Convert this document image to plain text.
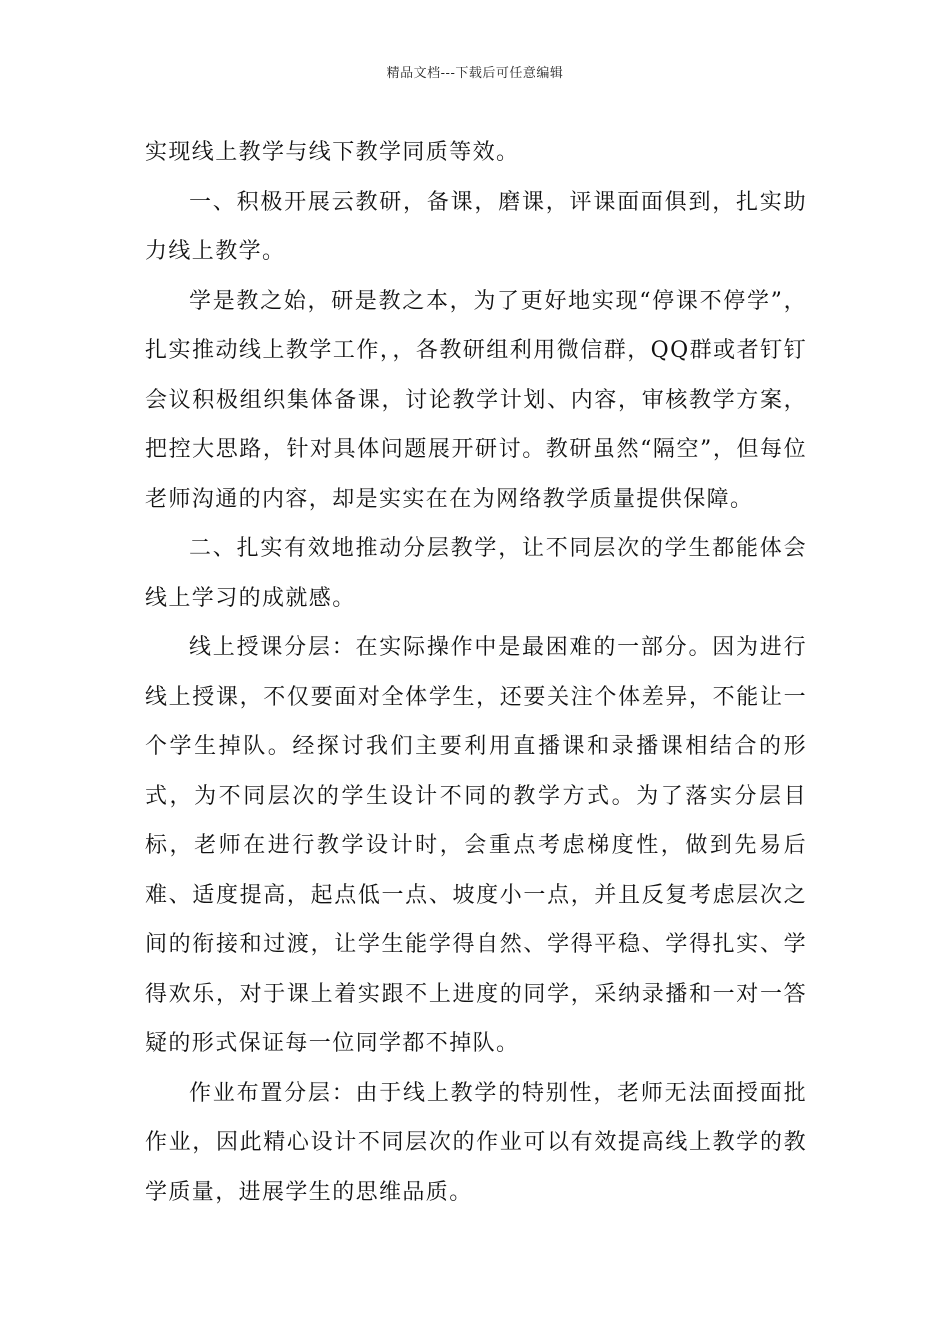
精品文档---下载后可任意编辑

实现线上教学与线下教学同质等效。

一、积极开展云教研，备课，磨课，评课面面俱到，扎实助力线上教学。

学是教之始，研是教之本，为了更好地实现“停课不停学”，扎实推动线上教学工作，，各教研组利用微信群，QQ群或者钉钉会议积极组织集体备课，讨论教学计划、内容，审核教学方案，把控大思路，针对具体问题展开研讨。教研虽然“隔空”，但每位老师沟通的内容，却是实实在在为网络教学质量提供保障。

二、扎实有效地推动分层教学，让不同层次的学生都能体会线上学习的成就感。

线上授课分层：在实际操作中是最困难的一部分。因为进行线上授课，不仅要面对全体学生，还要关注个体差异，不能让一个学生掉队。经探讨我们主要利用直播课和录播课相结合的形式，为不同层次的学生设计不同的教学方式。为了落实分层目标，老师在进行教学设计时，会重点考虑梯度性，做到先易后难、适度提高，起点低一点、坡度小一点，并且反复考虑层次之间的衔接和过渡，让学生能学得自然、学得平稳、学得扎实、学得欢乐，对于课上着实跟不上进度的同学，采纳录播和一对一答疑的形式保证每一位同学都不掉队。

作业布置分层：由于线上教学的特别性，老师无法面授面批作业，因此精心设计不同层次的作业可以有效提高线上教学的教学质量，进展学生的思维品质。
